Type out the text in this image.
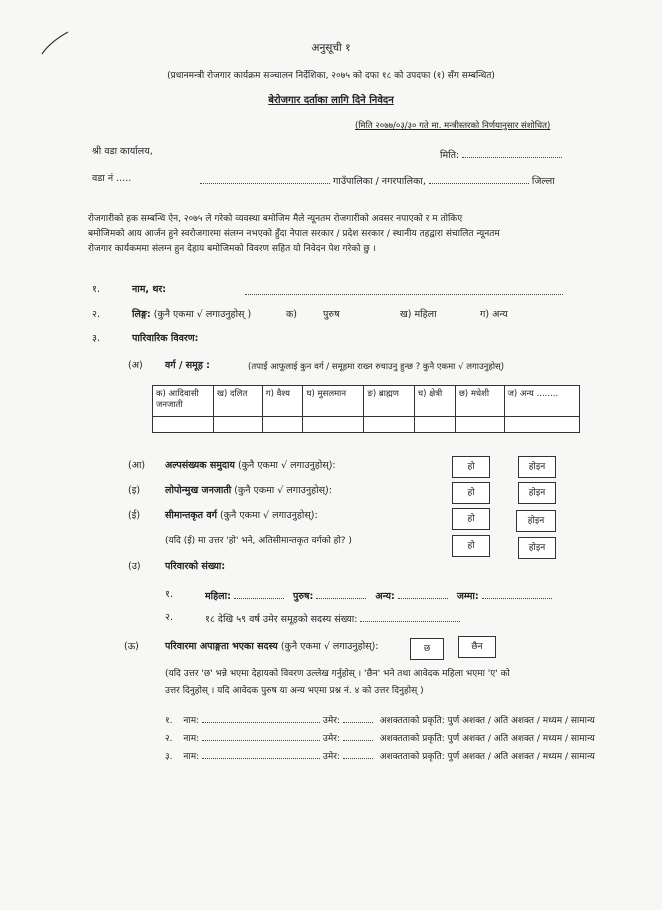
अनुसूची १
(प्रधानमन्त्री रोजगार कार्यक्रम सञ्चालन निर्देशिका, २०७५ को दफा १८ को उपदफा (१) सँग सम्बन्धित)
बेरोजगार दर्ताका लागि दिने निवेदन
(मिति २०७७/०३/३० गते मा. मन्त्रीस्तरको निर्णयानुसार संशोधित)
श्री वडा कार्यालय,	मिति:
वडा नं .....	गाउँपालिका / नगरपालिका,	जिल्ला
रोजगारीको हक सम्बन्धि ऐन, २०७५ ले गरेको व्यवस्था बमोजिम मैले न्यूनतम रोजगारीको अवसर नपाएको र म तोकिए
बमोजिमको आय आर्जन हुने स्वरोजगारमा संलग्न नभएको हुँदा नेपाल सरकार / प्रदेश सरकार / स्थानीय तहद्वारा संचालित न्यूनतम
रोजगार कार्यकममा संलग्न हुन देहाय बमोजिमको विवरण सहित यो निवेदन पेश गरेको छु ।
१.	नाम, थर:
२.	लिङ्ग: (कुनै एकमा √ लगाउनुहोस् )	क)	पुरुष	ख) महिला	ग) अन्य
३.	पारिवारिक विवरण:
(अ) वर्ग / समूह :	(तपाईं आफूलाई कुन वर्ग / समूहमा राख्न रुचाउनु हुन्छ ? कुनै एकमा √ लगाउनुहोस्)
क) आदिवासी जनजाती	ख) दलित	ग) वैश्य	घ) मुसलमान	ङ) ब्राह्मण	च) क्षेत्री	छ) मधेशी	ज) अन्य ........

(आ) अल्पसंख्यक समुदाय (कुनै एकमा √ लगाउनुहोस्):	हो	होइन
(इ)	लोपोन्मुख जनजाती (कुनै एकमा √ लगाउनुहोस्):	हो	होइन
(ई)	सीमान्तकृत वर्ग (कुनै एकमा √ लगाउनुहोस्):	हो	होइन
(यदि (ई) मा उत्तर 'हो' भने, अतिसीमान्तकृत वर्गको हो? )	हो	होइन
(उ)	परिवारको संख्या:
१.	महिला:	पुरुष:	अन्य:	जम्मा:
२.	१८ देखि ५९ वर्ष उमेर समूहको सदस्य संख्या:
(ऊ)	परिवारमा अपाङ्गता भएका सदस्य (कुनै एकमा √ लगाउनुहोस्):	छ	छैन
(यदि उत्तर 'छ' भन्ने भएमा देहायको विवरण उल्लेख गर्नुहोस् । 'छैन' भने तथा आवेदक महिला भएमा 'ए' को
उत्तर दिनुहोस् । यदि आवेदक पुरुष या अन्य भएमा प्रश्न नं. ४ को उत्तर दिनुहोस् )
१. नाम:	उमेर:	अशक्तताको प्रकृति: पुर्ण अशक्त / अति अशक्त / मध्यम / सामान्य
२. नाम:	उमेर:	अशक्तताको प्रकृति: पुर्ण अशक्त / अति अशक्त / मध्यम / सामान्य
३. नाम:	उमेर:	अशक्तताको प्रकृति: पुर्ण अशक्त / अति अशक्त / मध्यम / सामान्य
